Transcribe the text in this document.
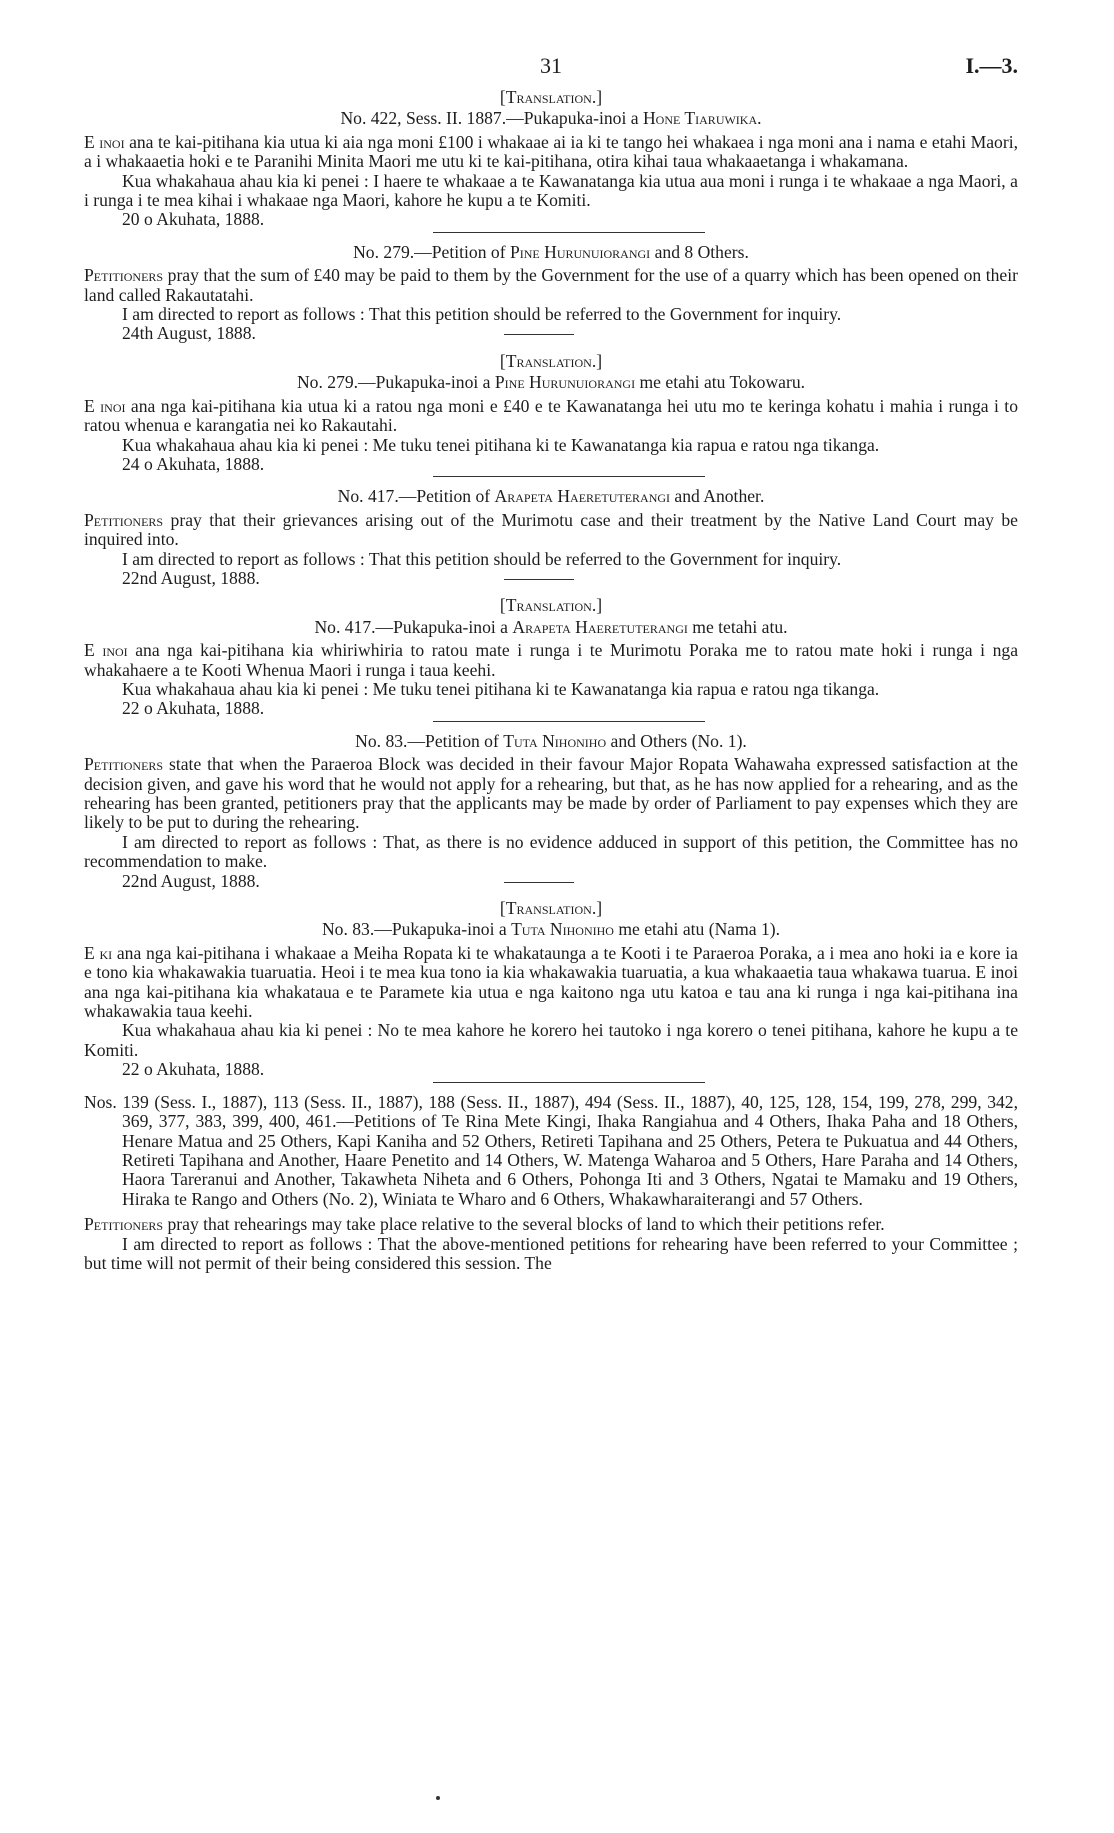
31	I.—3.
[Translation.]
No. 422, Sess. II. 1887.—Pukapuka-inoi a Hone Tiaruwika.

E inoi ana te kai-pitihana kia utua ki aia nga moni £100 i whakaae ai ia ki te tango hei whakaea i nga moni ana i nama e etahi Maori, a i whakaaetia hoki e te Paranihi Minita Maori me utu ki te kai-pitihana, otira kihai taua whakaaetanga i whakamana.

Kua whakahaua ahau kia ki penei : I haere te whakaae a te Kawanatanga kia utua aua moni i runga i te whakaae a nga Maori, a i runga i te mea kihai i whakaae nga Maori, kahore he kupu a te Komiti.

20 o Akuhata, 1888.
No. 279.—Petition of Pine Hurunuiorangi and 8 Others.

Petitioners pray that the sum of £40 may be paid to them by the Government for the use of a quarry which has been opened on their land called Rakautatahi.

I am directed to report as follows : That this petition should be referred to the Government for inquiry.

24th August, 1888.
[Translation.]
No. 279.—Pukapuka-inoi a Pine Hurunuiorangi me etahi atu Tokowaru.

E inoi ana nga kai-pitihana kia utua ki a ratou nga moni e £40 e te Kawanatanga hei utu mo te keringa kohatu i mahia i runga i to ratou whenua e karangatia nei ko Rakautahi.

Kua whakahaua ahau kia ki penei : Me tuku tenei pitihana ki te Kawanatanga kia rapua e ratou nga tikanga.

24 o Akuhata, 1888.
No. 417.—Petition of Arapeta Haeretuterangi and Another.

Petitioners pray that their grievances arising out of the Murimotu case and their treatment by the Native Land Court may be inquired into.

I am directed to report as follows : That this petition should be referred to the Government for inquiry.

22nd August, 1888.
[Translation.]
No. 417.—Pukapuka-inoi a Arapeta Haeretuterangi me tetahi atu.

E inoi ana nga kai-pitihana kia whiriwhiria to ratou mate i runga i te Murimotu Poraka me to ratou mate hoki i runga i nga whakahaere a te Kooti Whenua Maori i runga i taua keehi.

Kua whakahaua ahau kia ki penei : Me tuku tenei pitihana ki te Kawanatanga kia rapua e ratou nga tikanga.

22 o Akuhata, 1888.
No. 83.—Petition of Tuta Nihoniho and Others (No. 1).

Petitioners state that when the Paraeroa Block was decided in their favour Major Ropata Wahawaha expressed satisfaction at the decision given, and gave his word that he would not apply for a rehearing, but that, as he has now applied for a rehearing, and as the rehearing has been granted, petitioners pray that the applicants may be made by order of Parliament to pay expenses which they are likely to be put to during the rehearing.

I am directed to report as follows : That, as there is no evidence adduced in support of this petition, the Committee has no recommendation to make.

22nd August, 1888.
[Translation.]
No. 83.—Pukapuka-inoi a Tuta Nihoniho me etahi atu (Nama 1).

E ki ana nga kai-pitihana i whakaae a Meiha Ropata ki te whakataunga a te Kooti i te Paraeroa Poraka, a i mea ano hoki ia e kore ia e tono kia whakawakia tuaruatia. Heoi i te mea kua tono ia kia whakawakia tuaruatia, a kua whakaaetia taua whakawa tuarua. E inoi ana nga kai-pitihana kia whakataua e te Paramete kia utua e nga kaitono nga utu katoa e tau ana ki runga i nga kai-pitihana ina whakawakia taua keehi.

Kua whakahaua ahau kia ki penei : No te mea kahore he korero hei tautoko i nga korero o tenei pitihana, kahore he kupu a te Komiti.

22 o Akuhata, 1888.

Nos. 139 (Sess. I., 1887), 113 (Sess. II., 1887), 188 (Sess. II., 1887), 494 (Sess. II., 1887), 40, 125, 128, 154, 199, 278, 299, 342, 369, 377, 383, 399, 400, 461.—Petitions of Te Rina Mete Kingi, Ihaka Rangiahua and 4 Others, Ihaka Paha and 18 Others, Henare Matua and 25 Others, Kapi Kaniha and 52 Others, Retireti Tapihana and 25 Others, Petera te Pukuatua and 44 Others, Retireti Tapihana and Another, Haare Penetito and 14 Others, W. Matenga Waharoa and 5 Others, Hare Paraha and 14 Others, Haora Tareranui and Another, Takawheta Niheta and 6 Others, Pohonga Iti and 3 Others, Ngatai te Mamaku and 19 Others, Hiraka te Rango and Others (No. 2), Winiata te Wharo and 6 Others, Whakawharaiterangi and 57 Others.

Petitioners pray that rehearings may take place relative to the several blocks of land to which their petitions refer.

I am directed to report as follows : That the above-mentioned petitions for rehearing have been referred to your Committee ; but time will not permit of their being considered this session. The
